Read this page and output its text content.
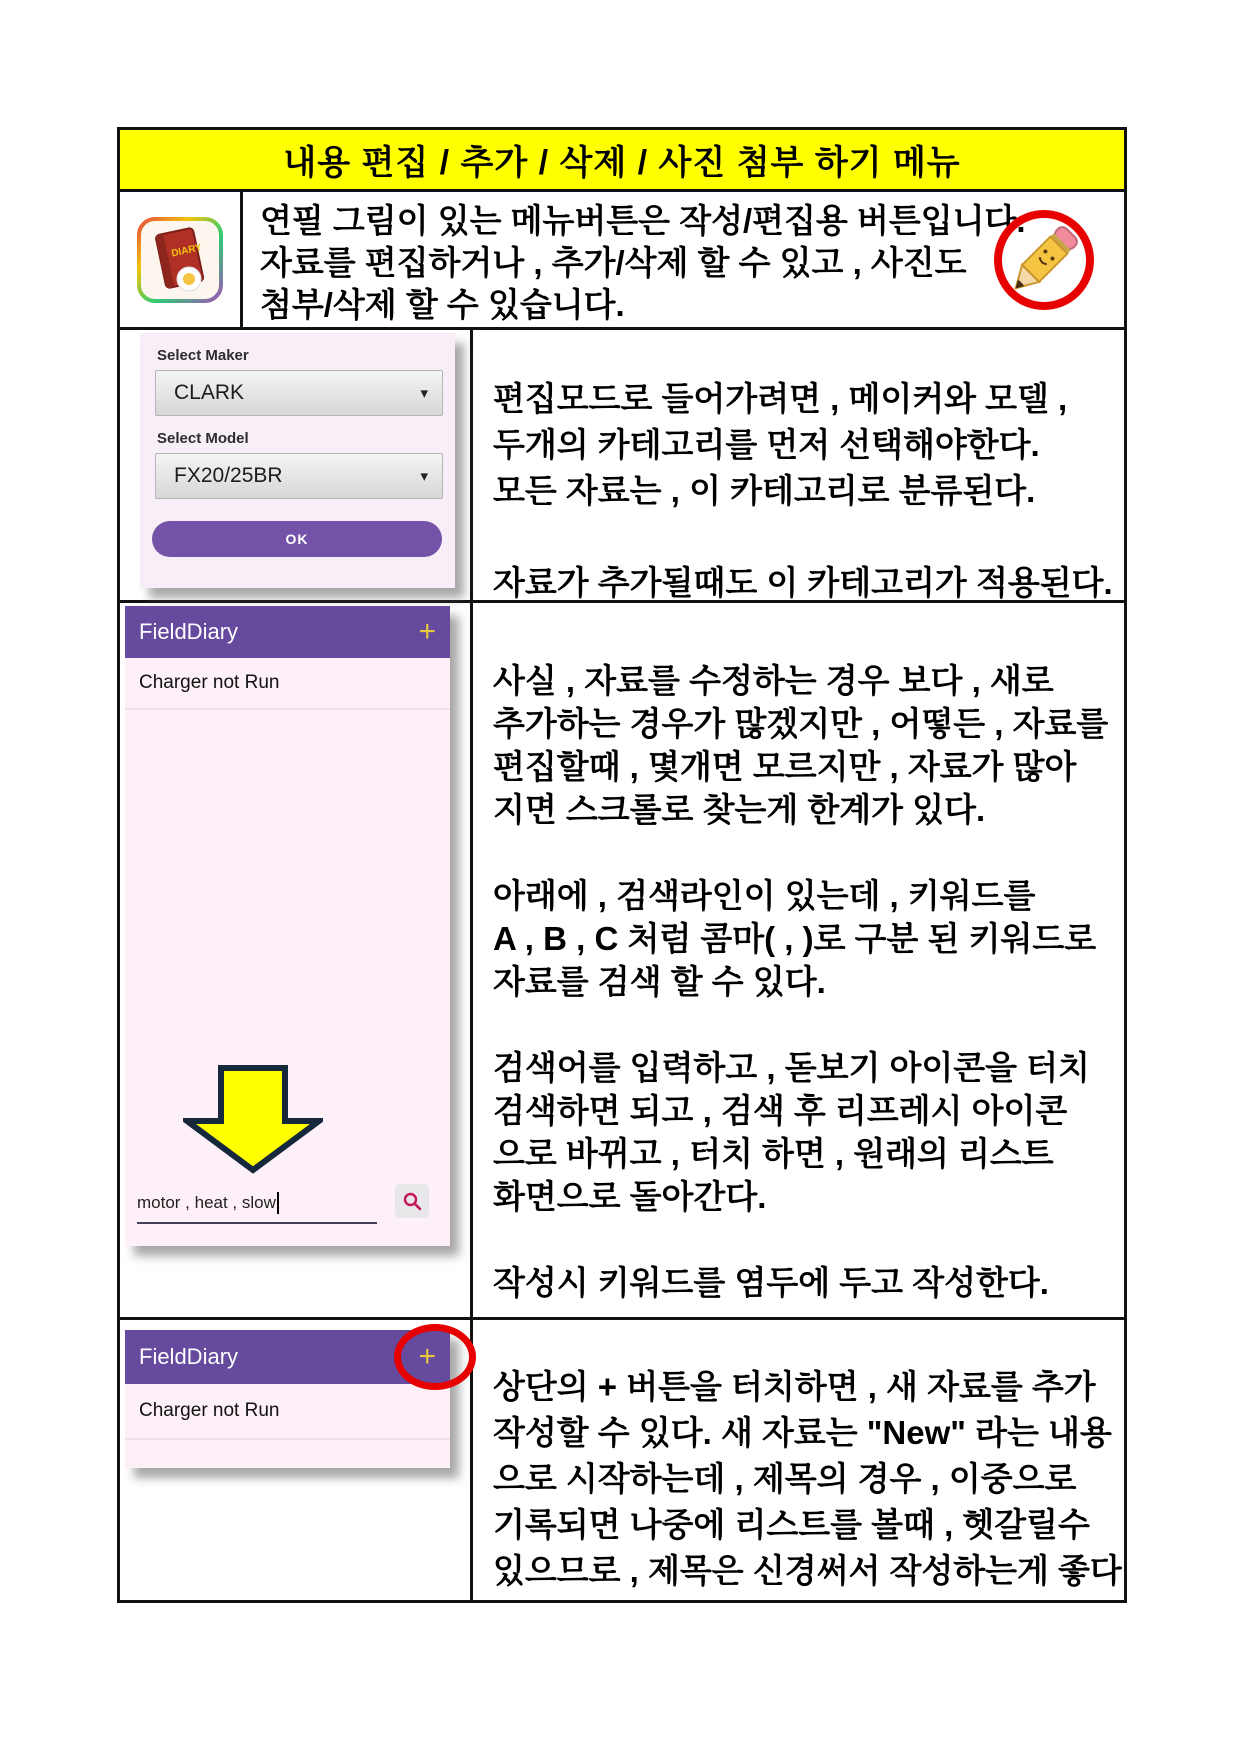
내용 편집 / 추가 / 삭제 / 사진 첨부 하기 메뉴
DIARY
연필 그림이 있는 메뉴버튼은 작성/편집용 버튼입니다.
자료를 편집하거나 , 추가/삭제 할 수 있고 , 사진도
첨부/삭제 할 수 있습니다.
Select Maker
CLARK	▾
Select Model
FX20/25BR	▾
OK
편집모드로 들어가려면 , 메이커와 모델 ,
두개의 카테고리를 먼저 선택해야한다.
모든 자료는 , 이 카테고리로 분류된다.

자료가 추가될때도 이 카테고리가 적용된다.
FieldDiary	+
Charger not Run
motor , heat , slow
사실 , 자료를 수정하는 경우 보다 , 새로
추가하는 경우가 많겠지만 , 어떻든 , 자료를
편집할때 , 몇개면 모르지만 , 자료가 많아
지면 스크롤로 찾는게 한계가 있다.

아래에 , 검색라인이 있는데 , 키워드를
A , B , C 처럼 콤마( , )로 구분 된 키워드로
자료를 검색 할 수 있다.

검색어를 입력하고 , 돋보기 아이콘을 터치
검색하면 되고 , 검색 후 리프레시 아이콘
으로 바뀌고 , 터치 하면 , 원래의 리스트
화면으로 돌아간다.

작성시 키워드를 염두에 두고 작성한다.
FieldDiary	+
Charger not Run
상단의 + 버튼을 터치하면 , 새 자료를 추가
작성할 수 있다. 새 자료는 "New" 라는 내용
으로 시작하는데 , 제목의 경우 , 이중으로
기록되면 나중에 리스트를 볼때 , 헷갈릴수
있으므로 , 제목은 신경써서 작성하는게 좋다
